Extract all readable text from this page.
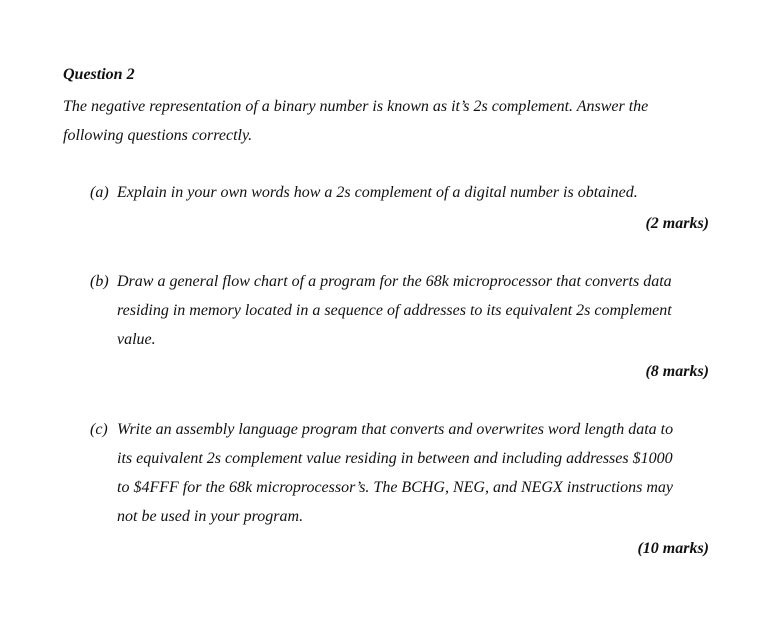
Question 2
The negative representation of a binary number is known as it’s 2s complement. Answer the
following questions correctly.
(a) Explain in your own words how a 2s complement of a digital number is obtained.
(2 marks)
(b) Draw a general flow chart of a program for the 68k microprocessor that converts data
residing in memory located in a sequence of addresses to its equivalent 2s complement
value.
(8 marks)
(c) Write an assembly language program that converts and overwrites word length data to
its equivalent 2s complement value residing in between and including addresses $1000
to $4FFF for the 68k microprocessor’s. The BCHG, NEG, and NEGX instructions may
not be used in your program.
(10 marks)
